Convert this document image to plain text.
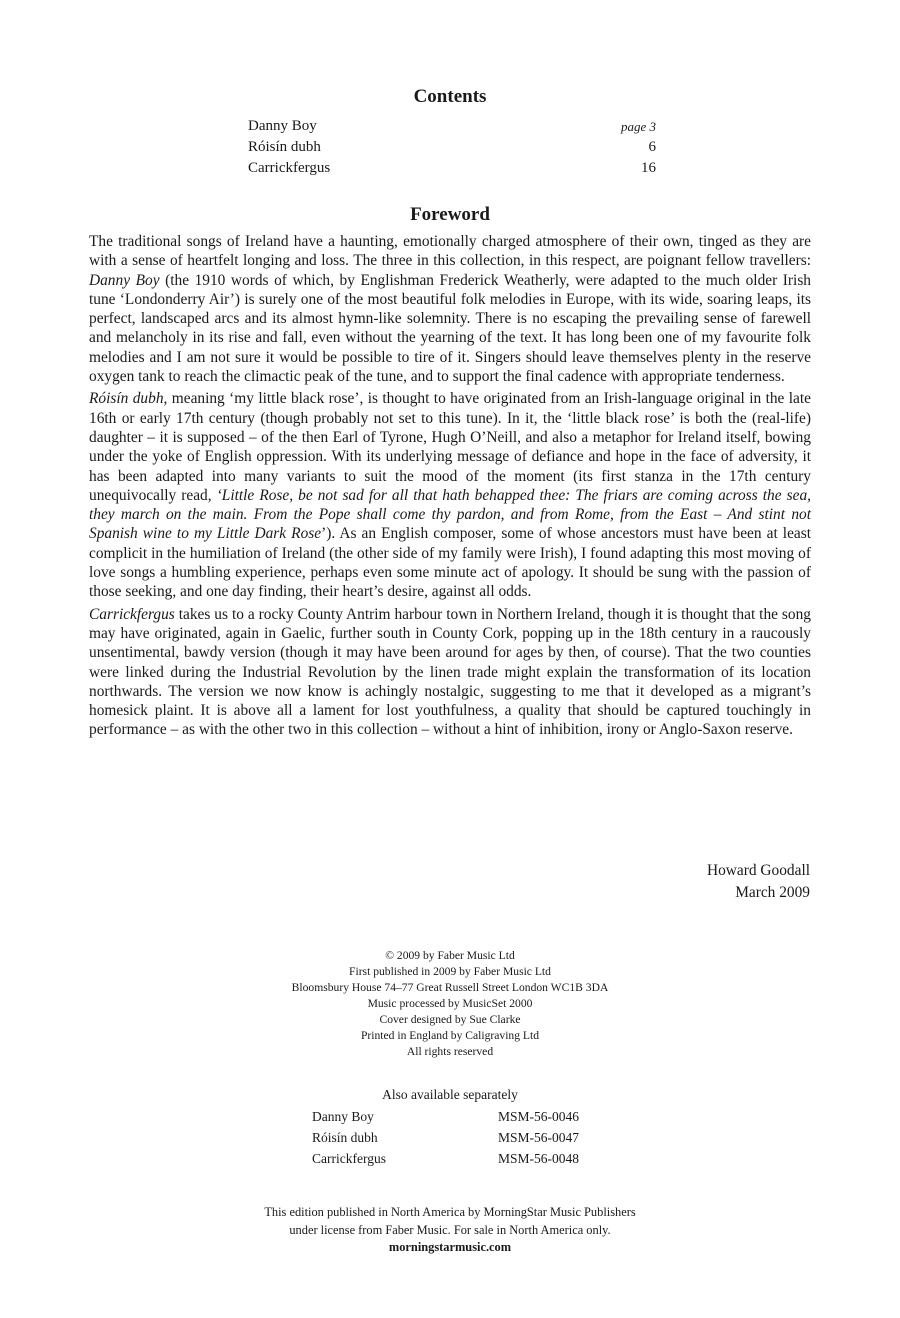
Contents
Danny Boy	page 3
Róisín dubh	6
Carrickfergus	16
Foreword

The traditional songs of Ireland have a haunting, emotionally charged atmosphere of their own, tinged as they are with a sense of heartfelt longing and loss. The three in this collection, in this respect, are poignant fellow travellers: Danny Boy (the 1910 words of which, by Englishman Frederick Weatherly, were adapted to the much older Irish tune ‘Londonderry Air’) is surely one of the most beautiful folk melodies in Europe, with its wide, soaring leaps, its perfect, landscaped arcs and its almost hymn-like solemnity. There is no escaping the prevailing sense of farewell and melancholy in its rise and fall, even without the yearning of the text. It has long been one of my favourite folk melodies and I am not sure it would be possible to tire of it. Singers should leave themselves plenty in the reserve oxygen tank to reach the climactic peak of the tune, and to support the final cadence with appropriate tenderness.

Róisín dubh, meaning ‘my little black rose’, is thought to have originated from an Irish-language original in the late 16th or early 17th century (though probably not set to this tune). In it, the ‘little black rose’ is both the (real-life) daughter – it is supposed – of the then Earl of Tyrone, Hugh O’Neill, and also a metaphor for Ireland itself, bowing under the yoke of English oppression. With its underlying message of defiance and hope in the face of adversity, it has been adapted into many variants to suit the mood of the moment (its first stanza in the 17th century unequivocally read, ‘Little Rose, be not sad for all that hath behapped thee: The friars are coming across the sea, they march on the main. From the Pope shall come thy pardon, and from Rome, from the East – And stint not Spanish wine to my Little Dark Rose’). As an English composer, some of whose ancestors must have been at least complicit in the humiliation of Ireland (the other side of my family were Irish), I found adapting this most moving of love songs a humbling experience, perhaps even some minute act of apology. It should be sung with the passion of those seeking, and one day finding, their heart’s desire, against all odds.

Carrickfergus takes us to a rocky County Antrim harbour town in Northern Ireland, though it is thought that the song may have originated, again in Gaelic, further south in County Cork, popping up in the 18th century in a raucously unsentimental, bawdy version (though it may have been around for ages by then, of course). That the two counties were linked during the Industrial Revolution by the linen trade might explain the transformation of its location northwards. The version we now know is achingly nostalgic, suggesting to me that it developed as a migrant’s homesick plaint. It is above all a lament for lost youthfulness, a quality that should be captured touchingly in performance – as with the other two in this collection – without a hint of inhibition, irony or Anglo-Saxon reserve.

Howard Goodall
March 2009
© 2009 by Faber Music Ltd
First published in 2009 by Faber Music Ltd
Bloomsbury House 74–77 Great Russell Street London WC1B 3DA
Music processed by MusicSet 2000
Cover designed by Sue Clarke
Printed in England by Caligraving Ltd
All rights reserved
Also available separately
Danny Boy	MSM-56-0046
Róisín dubh	MSM-56-0047
Carrickfergus	MSM-56-0048
This edition published in North America by MorningStar Music Publishers
under license from Faber Music. For sale in North America only.
morningstarmusic.com
